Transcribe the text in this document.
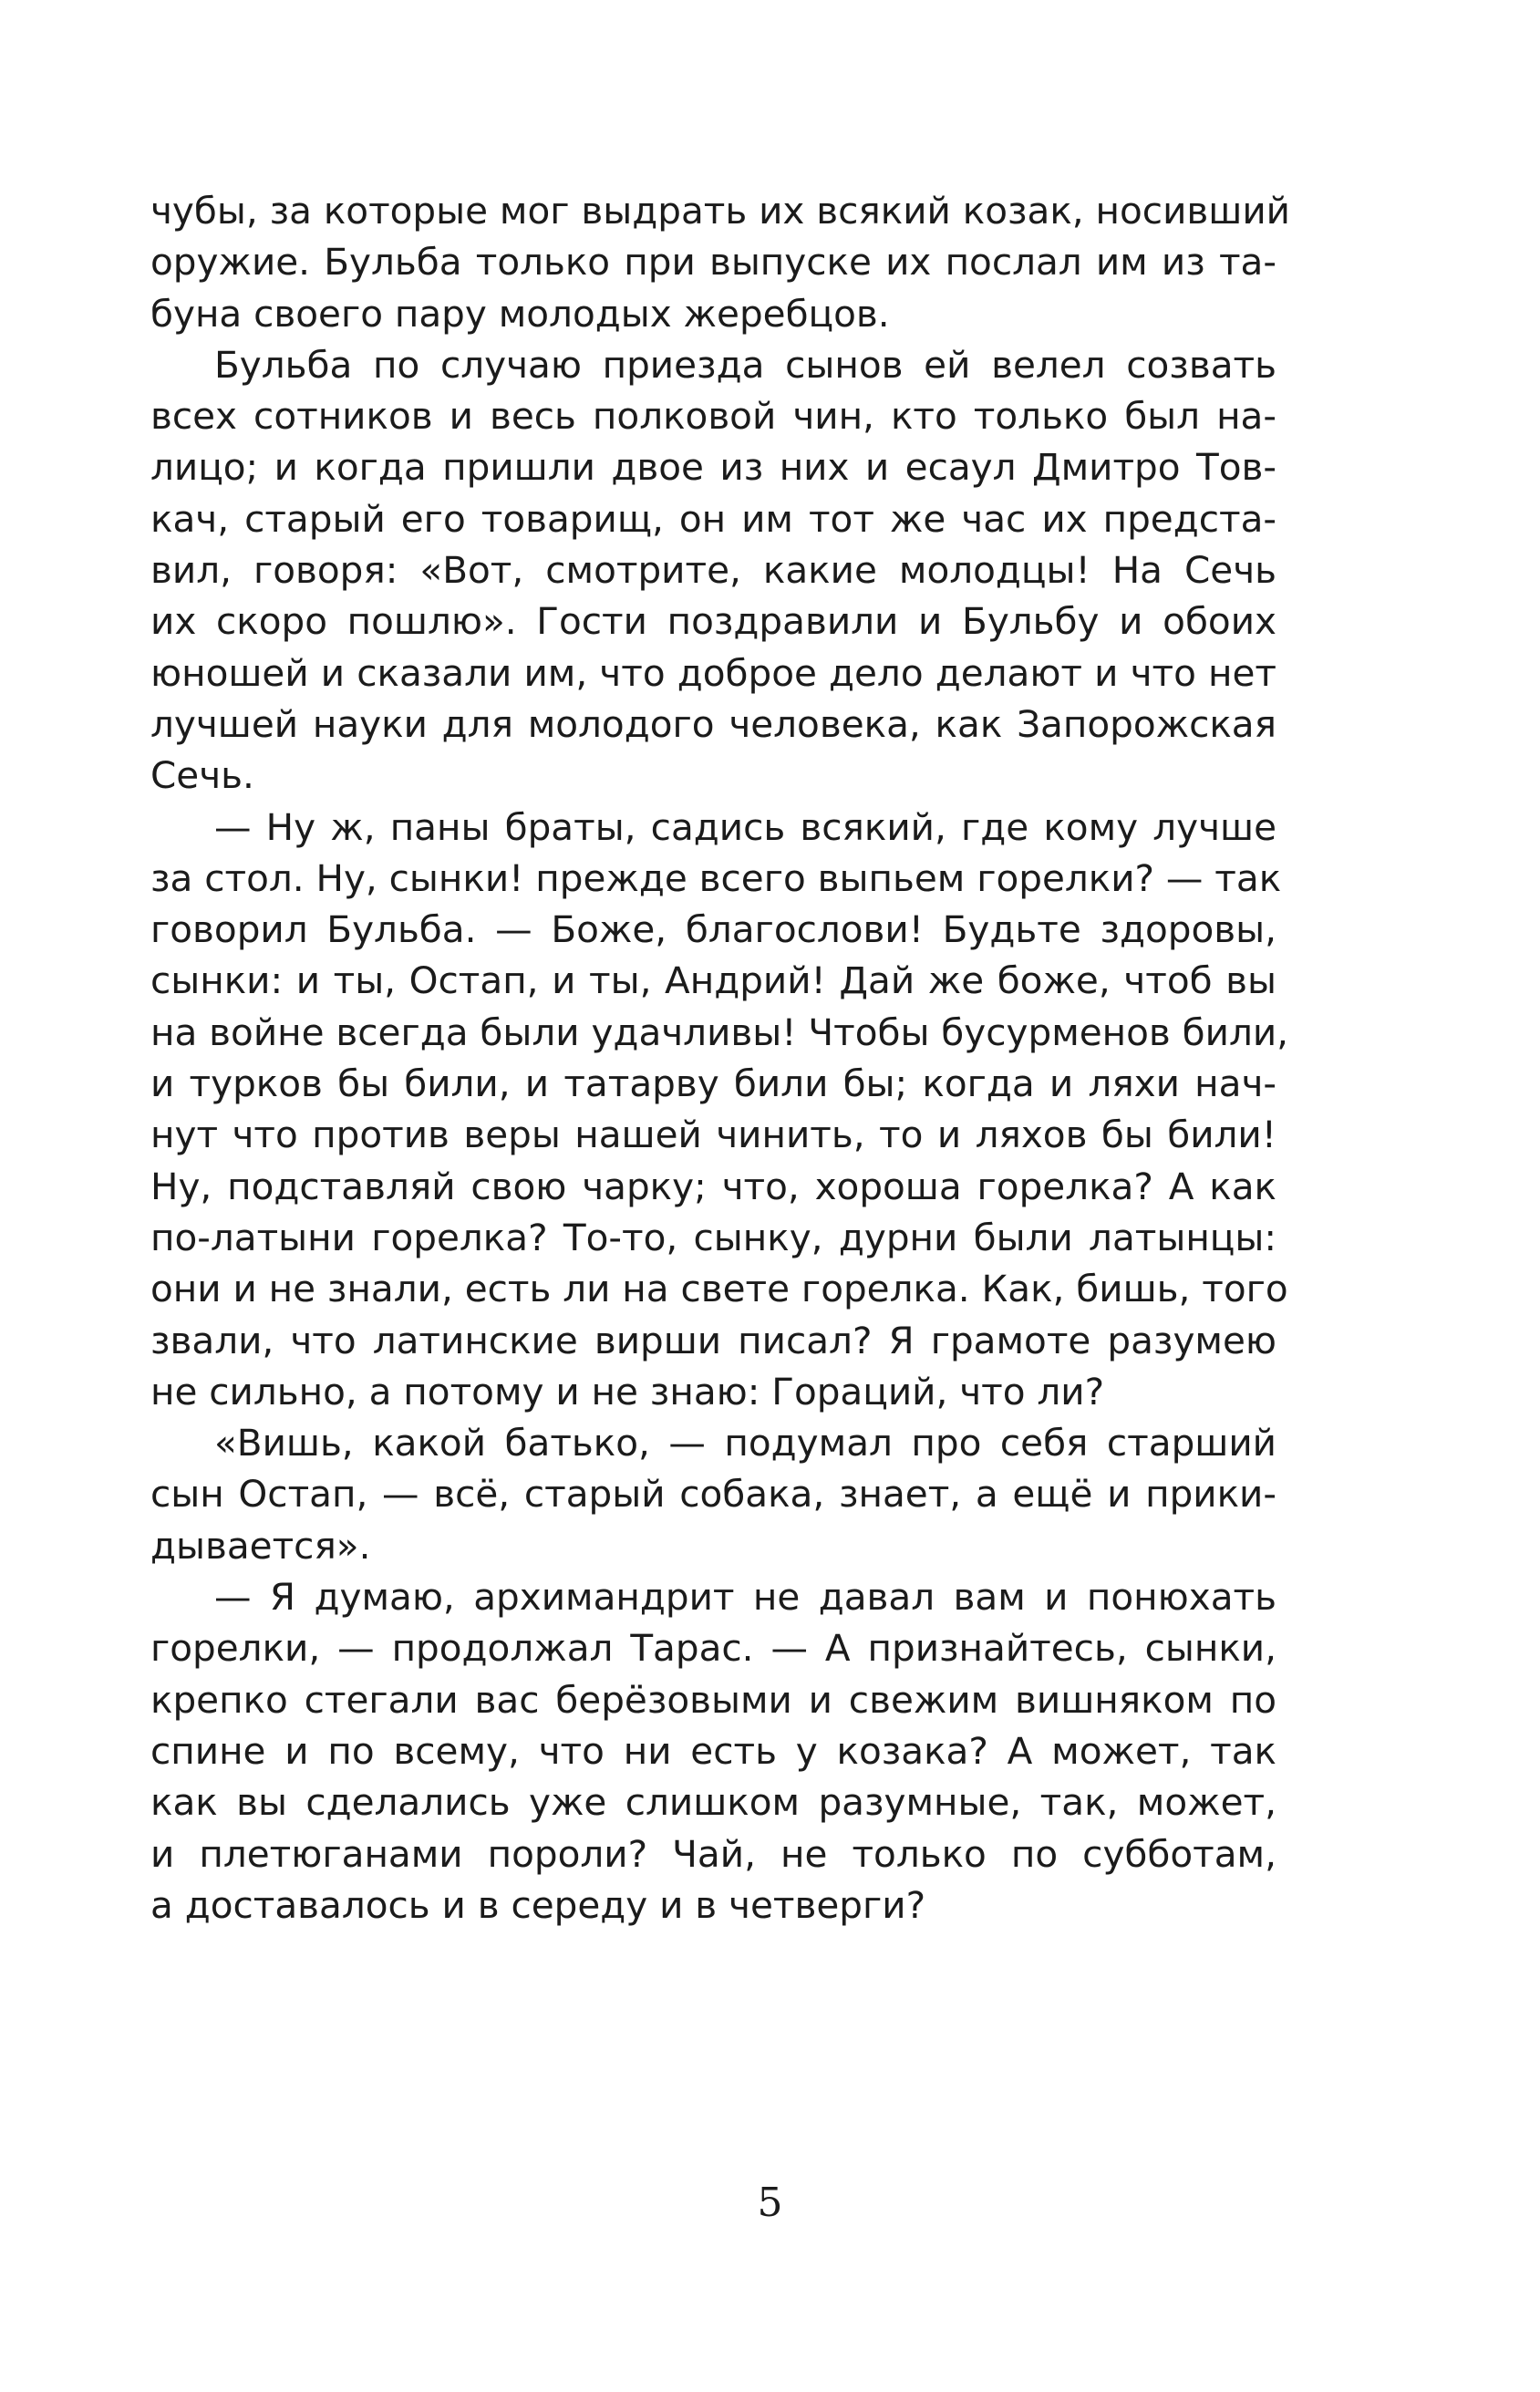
чубы, за которые мог выдрать их всякий козак, носивший
оружие. Бульба только при выпуске их послал им из та-
буна своего пару молодых жеребцов.
Бульба по случаю приезда сынов ей велел созвать
всех сотников и весь полковой чин, кто только был на-
лицо; и когда пришли двое из них и есаул Дмитро Тов-
кач, старый его товарищ, он им тот же час их предста-
вил, говоря: «Вот, смотрите, какие молодцы! На Сечь
их скоро пошлю». Гости поздравили и Бульбу и обоих
юношей и сказали им, что доброе дело делают и что нет
лучшей науки для молодого человека, как Запорожская
Сечь.
— Ну ж, паны браты, садись всякий, где кому лучше
за стол. Ну, сынки! прежде всего выпьем горелки? — так
говорил Бульба. — Боже, благослови! Будьте здоровы,
сынки: и ты, Остап, и ты, Андрий! Дай же боже, чтоб вы
на войне всегда были удачливы! Чтобы бусурменов били,
и турков бы били, и татарву били бы; когда и ляхи нач-
нут что против веры нашей чинить, то и ляхов бы били!
Ну, подставляй свою чарку; что, хороша горелка? А как
по-латыни горелка? То-то, сынку, дурни были латынцы:
они и не знали, есть ли на свете горелка. Как, бишь, того
звали, что латинские вирши писал? Я грамоте разумею
не сильно, а потому и не знаю: Гораций, что ли?
«Вишь, какой батько, — подумал про себя старший
сын Остап, — всё, старый собака, знает, а ещё и прики-
дывается».
— Я думаю, архимандрит не давал вам и понюхать
горелки, — продолжал Тарас. — А признайтесь, сынки,
крепко стегали вас берёзовыми и свежим вишняком по
спине и по всему, что ни есть у козака? А может, так
как вы сделались уже слишком разумные, так, может,
и плетюганами пороли? Чай, не только по субботам,
а доставалось и в середу и в четверги?
5
